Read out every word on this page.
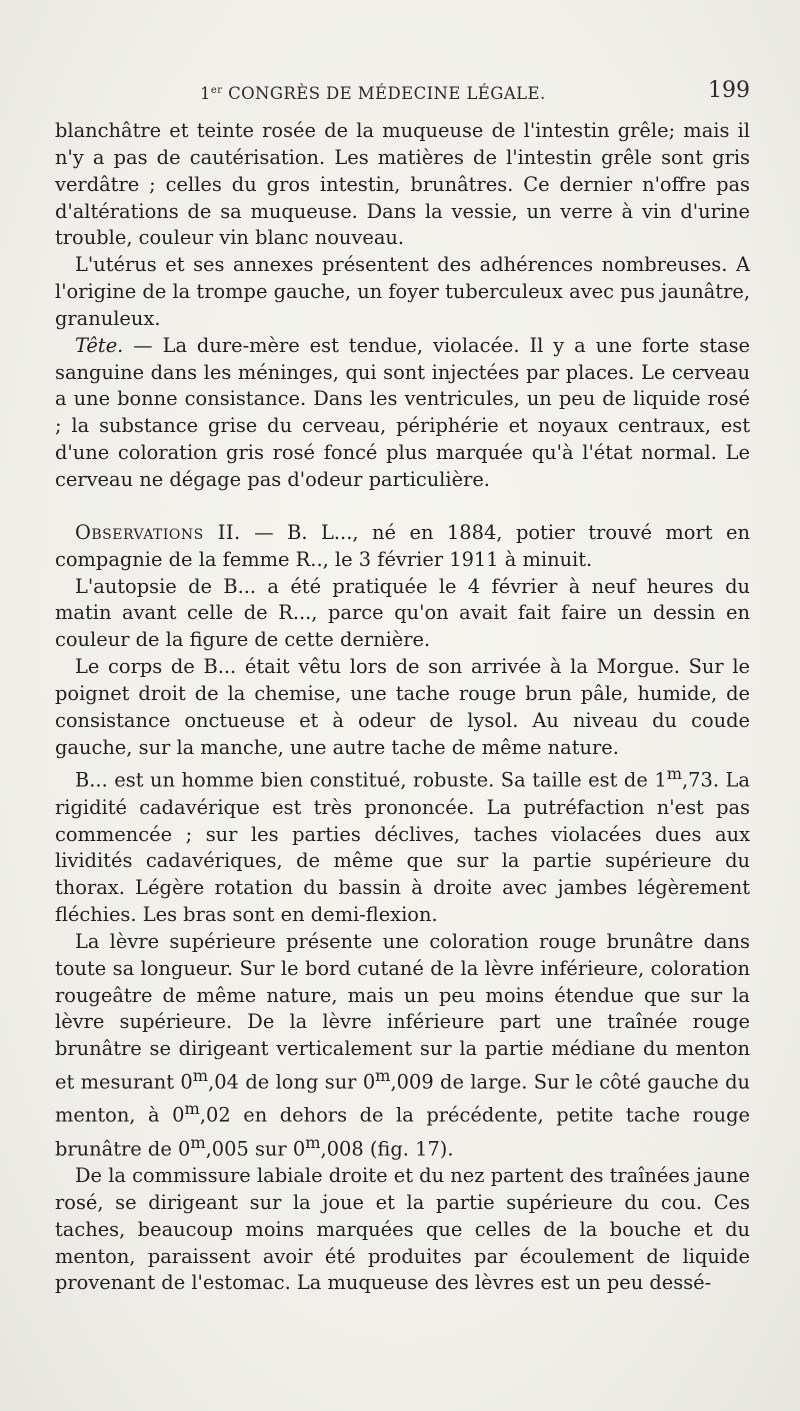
1er CONGRÈS DE MÉDECINE LÉGALE.	199

blanchâtre et teinte rosée de la muqueuse de l'intestin grêle; mais il n'y a pas de cautérisation. Les matières de l'intestin grêle sont gris verdâtre ; celles du gros intestin, brunâtres. Ce dernier n'offre pas d'altérations de sa muqueuse. Dans la vessie, un verre à vin d'urine trouble, couleur vin blanc nouveau.

L'utérus et ses annexes présentent des adhérences nombreuses. A l'origine de la trompe gauche, un foyer tuberculeux avec pus jaunâtre, granuleux.

Tête. — La dure-mère est tendue, violacée. Il y a une forte stase sanguine dans les méninges, qui sont injectées par places. Le cerveau a une bonne consistance. Dans les ventricules, un peu de liquide rosé ; la substance grise du cerveau, périphérie et noyaux centraux, est d'une coloration gris rosé foncé plus marquée qu'à l'état normal. Le cerveau ne dégage pas d'odeur particulière.

Observations II. — B. L..., né en 1884, potier trouvé mort en compagnie de la femme R.., le 3 février 1911 à minuit.

L'autopsie de B... a été pratiquée le 4 février à neuf heures du matin avant celle de R..., parce qu'on avait fait faire un dessin en couleur de la figure de cette dernière.

Le corps de B... était vêtu lors de son arrivée à la Morgue. Sur le poignet droit de la chemise, une tache rouge brun pâle, humide, de consistance onctueuse et à odeur de lysol. Au niveau du coude gauche, sur la manche, une autre tache de même nature.

B... est un homme bien constitué, robuste. Sa taille est de 1$^m$,73. La rigidité cadavérique est très prononcée. La putréfaction n'est pas commencée ; sur les parties déclives, taches violacées dues aux lividités cadavériques, de même que sur la partie supérieure du thorax. Légère rotation du bassin à droite avec jambes légèrement fléchies. Les bras sont en demi-flexion.

La lèvre supérieure présente une coloration rouge brunâtre dans toute sa longueur. Sur le bord cutané de la lèvre inférieure, coloration rougeâtre de même nature, mais un peu moins étendue que sur la lèvre supérieure. De la lèvre inférieure part une traînée rouge brunâtre se dirigeant verticalement sur la partie médiane du menton et mesurant 0$^m$,04 de long sur 0$^m$,009 de large. Sur le côté gauche du menton, à 0$^m$,02 en dehors de la précédente, petite tache rouge brunâtre de 0$^m$,005 sur 0$^m$,008 (fig. 17).

De la commissure labiale droite et du nez partent des traînées jaune rosé, se dirigeant sur la joue et la partie supérieure du cou. Ces taches, beaucoup moins marquées que celles de la bouche et du menton, paraissent avoir été produites par écoulement de liquide provenant de l'estomac. La muqueuse des lèvres est un peu dessé-
